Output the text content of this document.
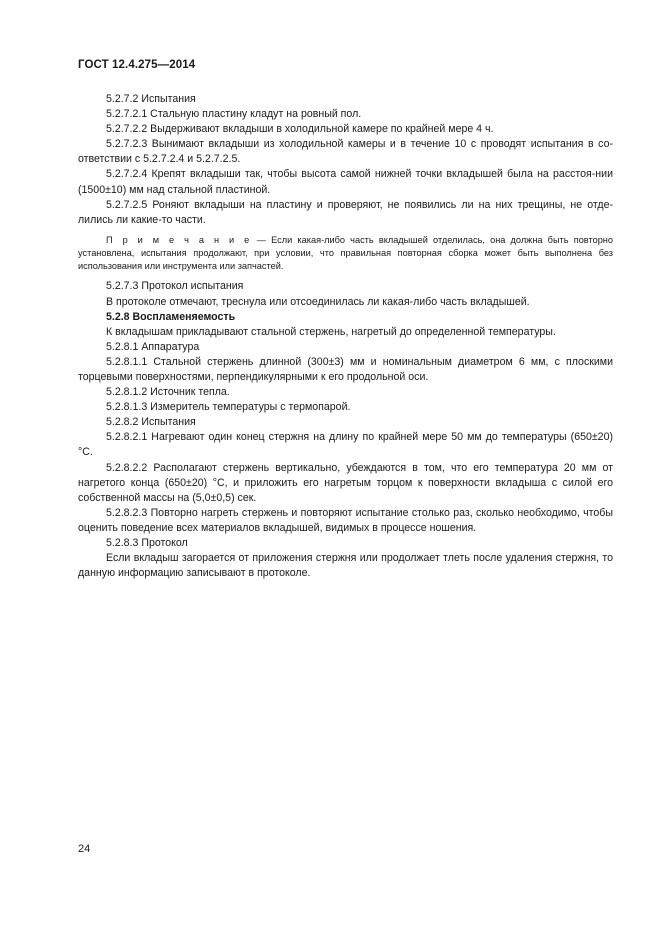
ГОСТ 12.4.275—2014

5.2.7.2 Испытания

5.2.7.2.1 Стальную пластину кладут на ровный пол.

5.2.7.2.2 Выдерживают вкладыши в холодильной камере по крайней мере 4 ч.

5.2.7.2.3 Вынимают вкладыши из холодильной камеры и в течение 10 с проводят испытания в со-ответствии с 5.2.7.2.4 и 5.2.7.2.5.

5.2.7.2.4 Крепят вкладыши так, чтобы высота самой нижней точки вкладышей была на расстоя-нии (1500±10) мм над стальной пластиной.

5.2.7.2.5 Роняют вкладыши на пластину и проверяют, не появились ли на них трещины, не отде-лились ли какие-то части.

П р и м е ч а н и е — Если какая-либо часть вкладышей отделилась, она должна быть повторно установлена, испытания продолжают, при условии, что правильная повторная сборка может быть выполнена без использования или инструмента или запчастей.

5.2.7.3 Протокол испытания

В протоколе отмечают, треснула или отсоединилась ли какая-либо часть вкладышей.

5.2.8 Воспламеняемость

К вкладышам прикладывают стальной стержень, нагретый до определенной температуры.

5.2.8.1 Аппаратура

5.2.8.1.1 Стальной стержень длинной (300±3) мм и номинальным диаметром 6 мм, с плоскими торцевыми поверхностями, перпендикулярными к его продольной оси.

5.2.8.1.2 Источник тепла.

5.2.8.1.3 Измеритель температуры с термопарой.

5.2.8.2 Испытания

5.2.8.2.1 Нагревают один конец стержня на длину по крайней мере 50 мм до температуры (650±20) °С.

5.2.8.2.2 Располагают стержень вертикально, убеждаются в том, что его температура 20 мм от нагретого конца (650±20) °С, и приложить его нагретым торцом к поверхности вкладыша с силой его собственной массы на (5,0±0,5) сек.

5.2.8.2.3 Повторно нагреть стержень и повторяют испытание столько раз, сколько необходимо, чтобы оценить поведение всех материалов вкладышей, видимых в процессе ношения.

5.2.8.3 Протокол

Если вкладыш загорается от приложения стержня или продолжает тлеть после удаления стержня, то данную информацию записывают в протоколе.

24
